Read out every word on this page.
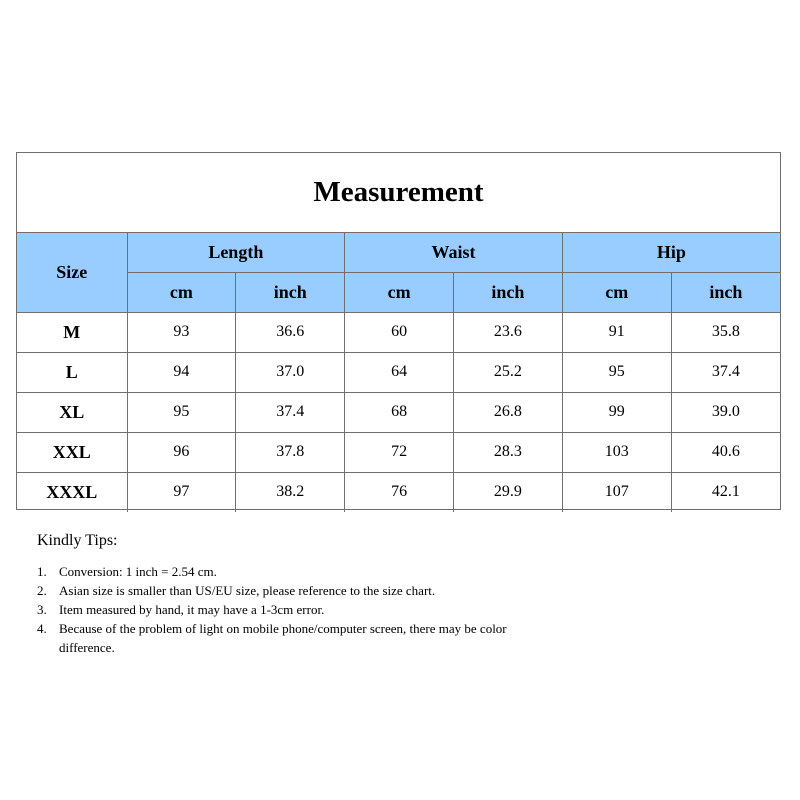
Measurement
Size	Length		Waist		Hip	
	cm	inch	cm	inch	cm	inch
M	93	36.6	60	23.6	91	35.8
L	94	37.0	64	25.2	95	37.4
XL	95	37.4	68	26.8	99	39.0
XXL	96	37.8	72	28.3	103	40.6
XXXL	97	38.2	76	29.9	107	42.1
Kindly Tips:
1. Conversion: 1 inch = 2.54 cm.
2. Asian size is smaller than US/EU size, please reference to the size chart.
3. Item measured by hand, it may have a 1-3cm error.
4. Because of the problem of light on mobile phone/computer screen, there may be color difference.
